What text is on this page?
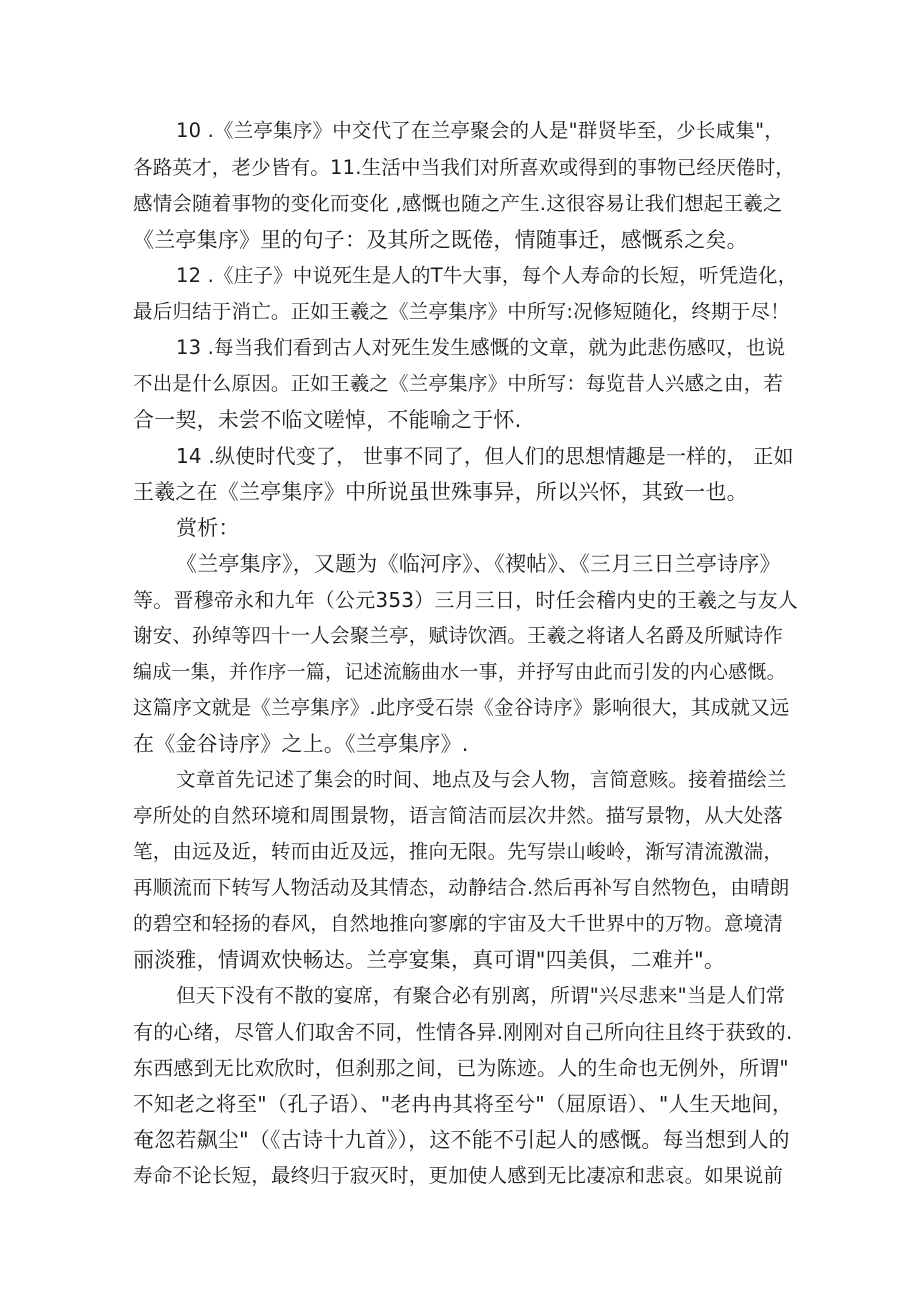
10 .《兰亭集序》中交代了在兰亭聚会的人是"群贤毕至，少长咸集"，
各路英才，老少皆有。11.生活中当我们对所喜欢或得到的事物已经厌倦时，
感情会随着事物的变化而变化 ,感慨也随之产生.这很容易让我们想起王羲之
《兰亭集序》里的句子：及其所之既倦，情随事迁，感慨系之矣。
12 .《庄子》中说死生是人的T牛大事，每个人寿命的长短，听凭造化，
最后归结于消亡。正如王羲之《兰亭集序》中所写:况修短随化，终期于尽！
13 .每当我们看到古人对死生发生感慨的文章，就为此悲伤感叹，也说
不出是什么原因。正如王羲之《兰亭集序》中所写：每览昔人兴感之由，若
合一契，未尝不临文嗟悼，不能喻之于怀.
14 .纵使时代变了， 世事不同了，但人们的思想情趣是一样的， 正如
王羲之在《兰亭集序》中所说虽世殊事异，所以兴怀，其致一也。
赏析：
《兰亭集序》，又题为《临河序》、《禊帖》、《三月三日兰亭诗序》
等。晋穆帝永和九年（公元353）三月三日，时任会稽内史的王羲之与友人
谢安、孙绰等四十一人会聚兰亭，赋诗饮酒。王羲之将诸人名爵及所赋诗作
编成一集，并作序一篇，记述流觞曲水一事，并抒写由此而引发的内心感慨。
这篇序文就是《兰亭集序》.此序受石崇《金谷诗序》影响很大，其成就又远
在《金谷诗序》之上。《兰亭集序》.
文章首先记述了集会的时间、地点及与会人物，言简意赅。接着描绘兰
亭所处的自然环境和周围景物，语言简洁而层次井然。描写景物，从大处落
笔，由远及近，转而由近及远，推向无限。先写崇山峻岭，渐写清流激湍，
再顺流而下转写人物活动及其情态，动静结合.然后再补写自然物色，由晴朗
的碧空和轻扬的春风，自然地推向寥廓的宇宙及大千世界中的万物。意境清
丽淡雅，情调欢快畅达。兰亭宴集，真可谓"四美俱，二难并"。
但天下没有不散的宴席，有聚合必有别离，所谓"兴尽悲来"当是人们常
有的心绪，尽管人们取舍不同，性情各异.刚刚对自己所向往且终于获致的.
东西感到无比欢欣时，但刹那之间，已为陈迹。人的生命也无例外，所谓"
不知老之将至"（孔子语）、"老冉冉其将至兮"（屈原语）、"人生天地间，
奄忽若飙尘"（《古诗十九首》），这不能不引起人的感慨。每当想到人的
寿命不论长短，最终归于寂灭时，更加使人感到无比凄凉和悲哀。如果说前
